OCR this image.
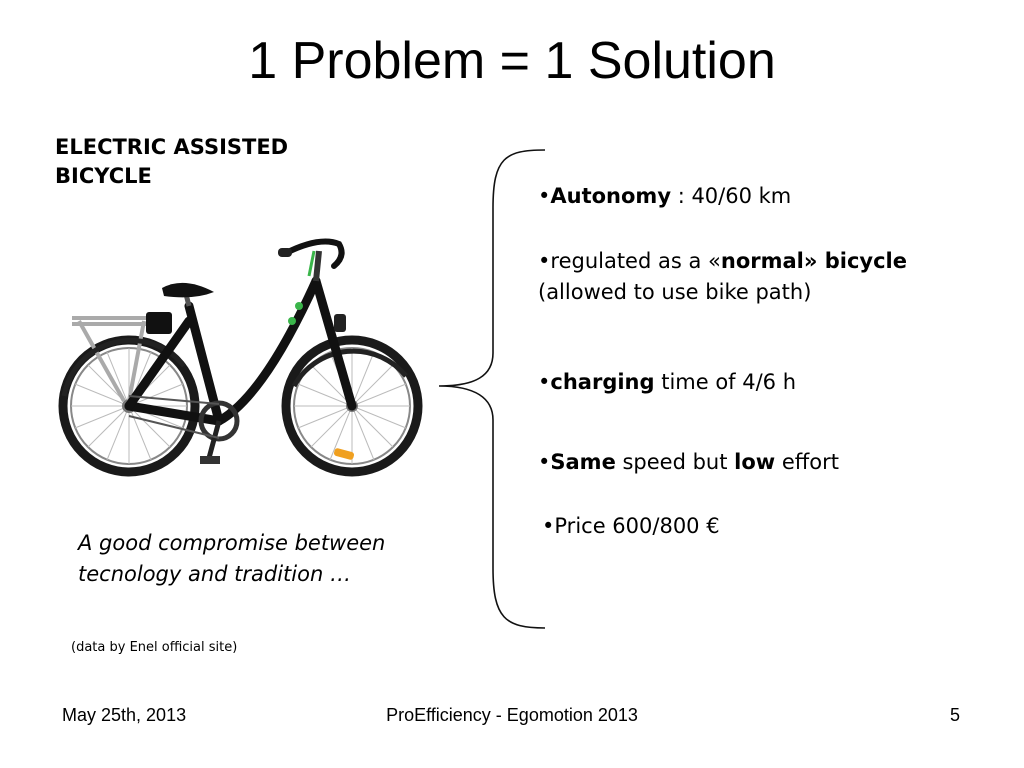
1 Problem = 1 Solution
ELECTRIC ASSISTED
BICYCLE
A good compromise between tecnology and tradition …
(data by Enel official site)
•Autonomy : 40/60 km
•regulated as a «normal» bicycle (allowed to use bike path)
•charging time of 4/6 h
•Same speed but low effort
•Price 600/800 €
May 25th, 2013	ProEfficiency - Egomotion 2013	5
